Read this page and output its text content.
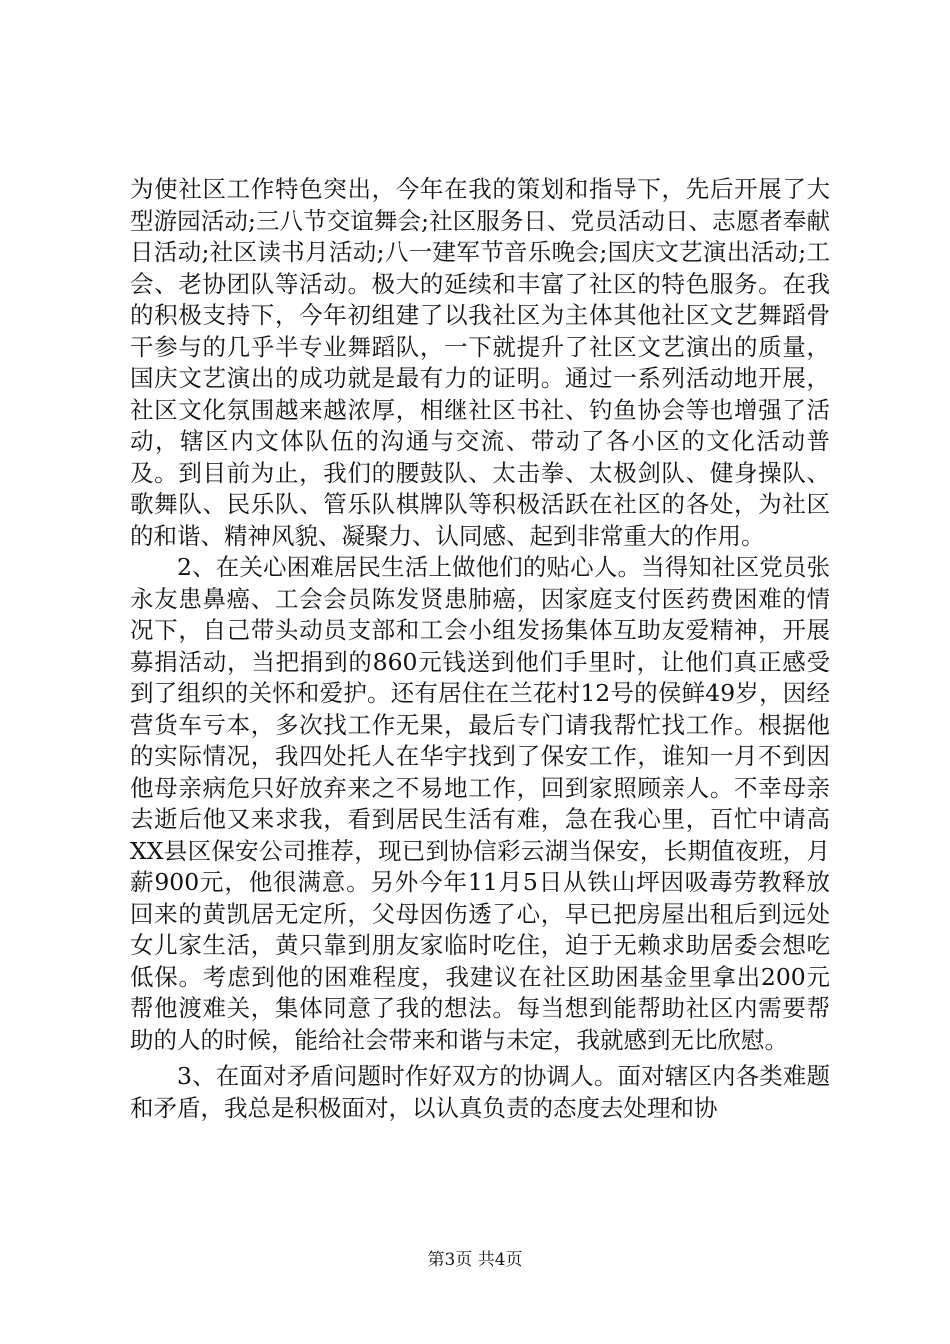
为使社区工作特色突出，今年在我的策划和指导下，先后开展了大型游园活动;三八节交谊舞会;社区服务日、党员活动日、志愿者奉献日活动;社区读书月活动;八一建军节音乐晚会;国庆文艺演出活动;工会、老协团队等活动。极大的延续和丰富了社区的特色服务。在我的积极支持下，今年初组建了以我社区为主体其他社区文艺舞蹈骨干参与的几乎半专业舞蹈队，一下就提升了社区文艺演出的质量，国庆文艺演出的成功就是最有力的证明。通过一系列活动地开展，社区文化氛围越来越浓厚，相继社区书社、钓鱼协会等也增强了活动，辖区内文体队伍的沟通与交流、带动了各小区的文化活动普及。到目前为止，我们的腰鼓队、太击拳、太极剑队、健身操队、歌舞队、民乐队、管乐队棋牌队等积极活跃在社区的各处，为社区的和谐、精神风貌、凝聚力、认同感、起到非常重大的作用。

2、在关心困难居民生活上做他们的贴心人。当得知社区党员张永友患鼻癌、工会会员陈发贤患肺癌，因家庭支付医药费困难的情况下，自己带头动员支部和工会小组发扬集体互助友爱精神，开展募捐活动，当把捐到的860元钱送到他们手里时，让他们真正感受到了组织的关怀和爱护。还有居住在兰花村12号的侯鲜49岁，因经营货车亏本，多次找工作无果，最后专门请我帮忙找工作。根据他的实际情况，我四处托人在华宇找到了保安工作，谁知一月不到因他母亲病危只好放弃来之不易地工作，回到家照顾亲人。不幸母亲去逝后他又来求我，看到居民生活有难，急在我心里，百忙中请高XX县区保安公司推荐，现已到协信彩云湖当保安，长期值夜班，月薪900元，他很满意。另外今年11月5日从铁山坪因吸毒劳教释放回来的黄凯居无定所，父母因伤透了心，早已把房屋出租后到远处女儿家生活，黄只靠到朋友家临时吃住，迫于无赖求助居委会想吃低保。考虑到他的困难程度，我建议在社区助困基金里拿出200元帮他渡难关，集体同意了我的想法。每当想到能帮助社区内需要帮助的人的时候，能给社会带来和谐与未定，我就感到无比欣慰。

3、在面对矛盾问题时作好双方的协调人。面对辖区内各类难题和矛盾，我总是积极面对，以认真负责的态度去处理和协

第3页 共4页
